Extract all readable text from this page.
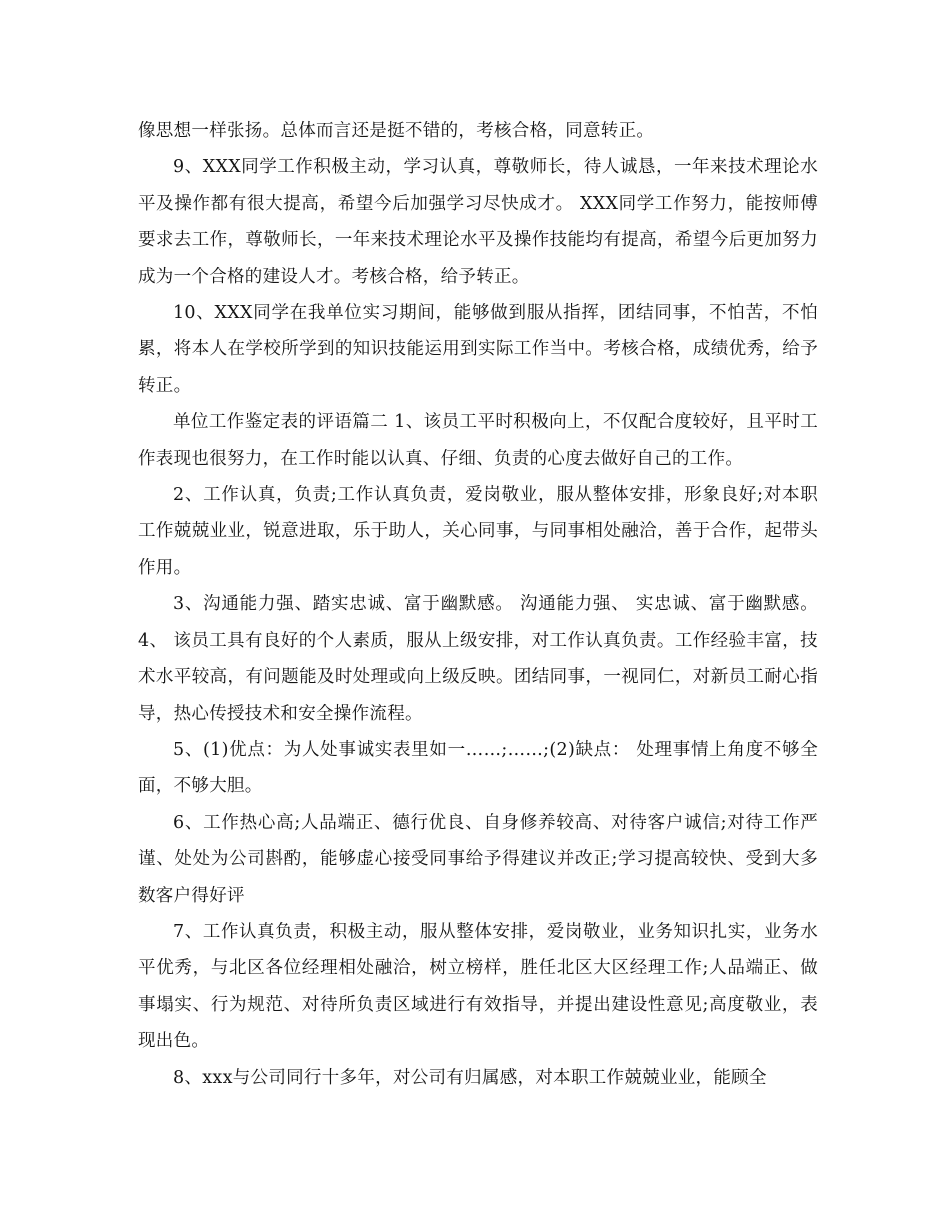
像思想一样张扬。总体而言还是挺不错的，考核合格，同意转正。

9、XXX同学工作积极主动，学习认真，尊敬师长，待人诚恳，一年来技术理论水平及操作都有很大提高，希望今后加强学习尽快成才。 XXX同学工作努力，能按师傅要求去工作，尊敬师长，一年来技术理论水平及操作技能均有提高，希望今后更加努力成为一个合格的建设人才。考核合格，给予转正。

10、XXX同学在我单位实习期间，能够做到服从指挥，团结同事，不怕苦，不怕累，将本人在学校所学到的知识技能运用到实际工作当中。考核合格，成绩优秀，给予转正。

单位工作鉴定表的评语篇二 1、该员工平时积极向上，不仅配合度较好，且平时工作表现也很努力，在工作时能以认真、仔细、负责的心度去做好自己的工作。

2、工作认真，负责;工作认真负责，爱岗敬业，服从整体安排，形象良好;对本职工作兢兢业业，锐意进取，乐于助人，关心同事，与同事相处融洽，善于合作，起带头作用。

3、沟通能力强、踏实忠诚、富于幽默感。 沟通能力强、 实忠诚、富于幽默感。4、 该员工具有良好的个人素质，服从上级安排，对工作认真负责。工作经验丰富，技术水平较高，有问题能及时处理或向上级反映。团结同事，一视同仁，对新员工耐心指导，热心传授技术和安全操作流程。

5、(1)优点：为人处事诚实表里如一……;……;(2)缺点： 处理事情上角度不够全面，不够大胆。

6、工作热心高;人品端正、德行优良、自身修养较高、对待客户诚信;对待工作严谨、处处为公司斟酌，能够虚心接受同事给予得建议并改正;学习提高较快、受到大多数客户得好评

7、工作认真负责，积极主动，服从整体安排，爱岗敬业，业务知识扎实，业务水平优秀，与北区各位经理相处融洽，树立榜样，胜任北区大区经理工作;人品端正、做事塌实、行为规范、对待所负责区域进行有效指导，并提出建设性意见;高度敬业，表现出色。

8、xxx与公司同行十多年，对公司有归属感，对本职工作兢兢业业，能顾全
